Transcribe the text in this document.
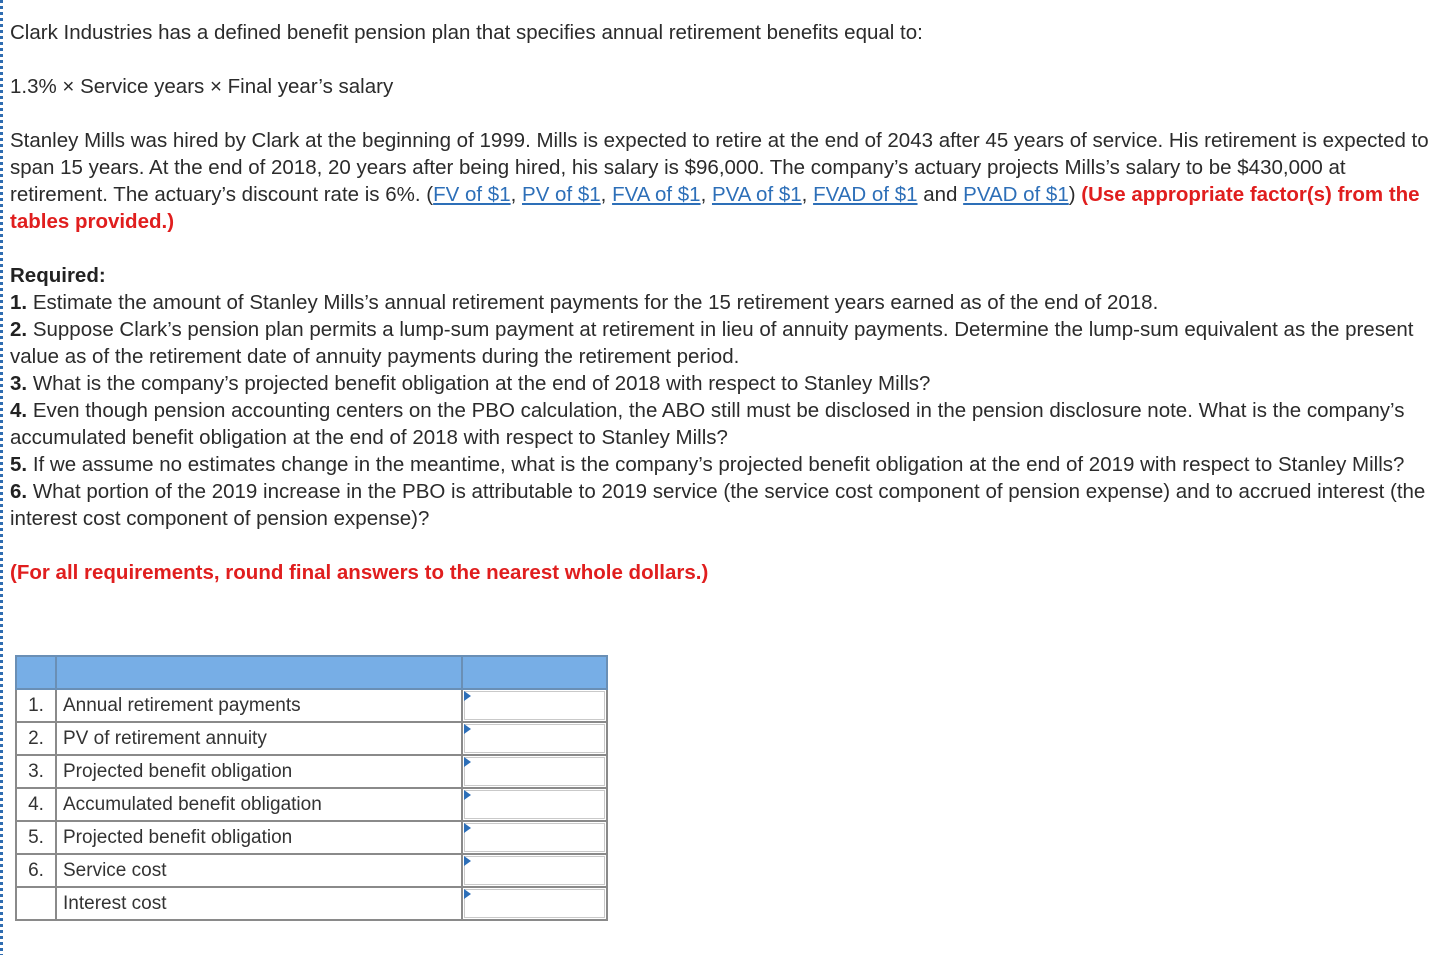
Clark Industries has a defined benefit pension plan that specifies annual retirement benefits equal to:

1.3% × Service years × Final year’s salary

Stanley Mills was hired by Clark at the beginning of 1999. Mills is expected to retire at the end of 2043 after 45 years of service. His retirement is expected to span 15 years. At the end of 2018, 20 years after being hired, his salary is $96,000. The company’s actuary projects Mills’s salary to be $430,000 at retirement. The actuary’s discount rate is 6%. (FV of $1, PV of $1, FVA of $1, PVA of $1, FVAD of $1 and PVAD of $1) (Use appropriate factor(s) from the tables provided.)

Required:

1. Estimate the amount of Stanley Mills’s annual retirement payments for the 15 retirement years earned as of the end of 2018.

2. Suppose Clark’s pension plan permits a lump-sum payment at retirement in lieu of annuity payments. Determine the lump-sum equivalent as the present value as of the retirement date of annuity payments during the retirement period.

3. What is the company’s projected benefit obligation at the end of 2018 with respect to Stanley Mills?

4. Even though pension accounting centers on the PBO calculation, the ABO still must be disclosed in the pension disclosure note. What is the company’s accumulated benefit obligation at the end of 2018 with respect to Stanley Mills?

5. If we assume no estimates change in the meantime, what is the company’s projected benefit obligation at the end of 2019 with respect to Stanley Mills?

6. What portion of the 2019 increase in the PBO is attributable to 2019 service (the service cost component of pension expense) and to accrued interest (the interest cost component of pension expense)?

(For all requirements, round final answers to the nearest whole dollars.)

1.	Annual retirement payments	

2.	PV of retirement annuity	

3.	Projected benefit obligation	

4.	Accumulated benefit obligation	

5.	Projected benefit obligation	

6.	Service cost	

	Interest cost	
